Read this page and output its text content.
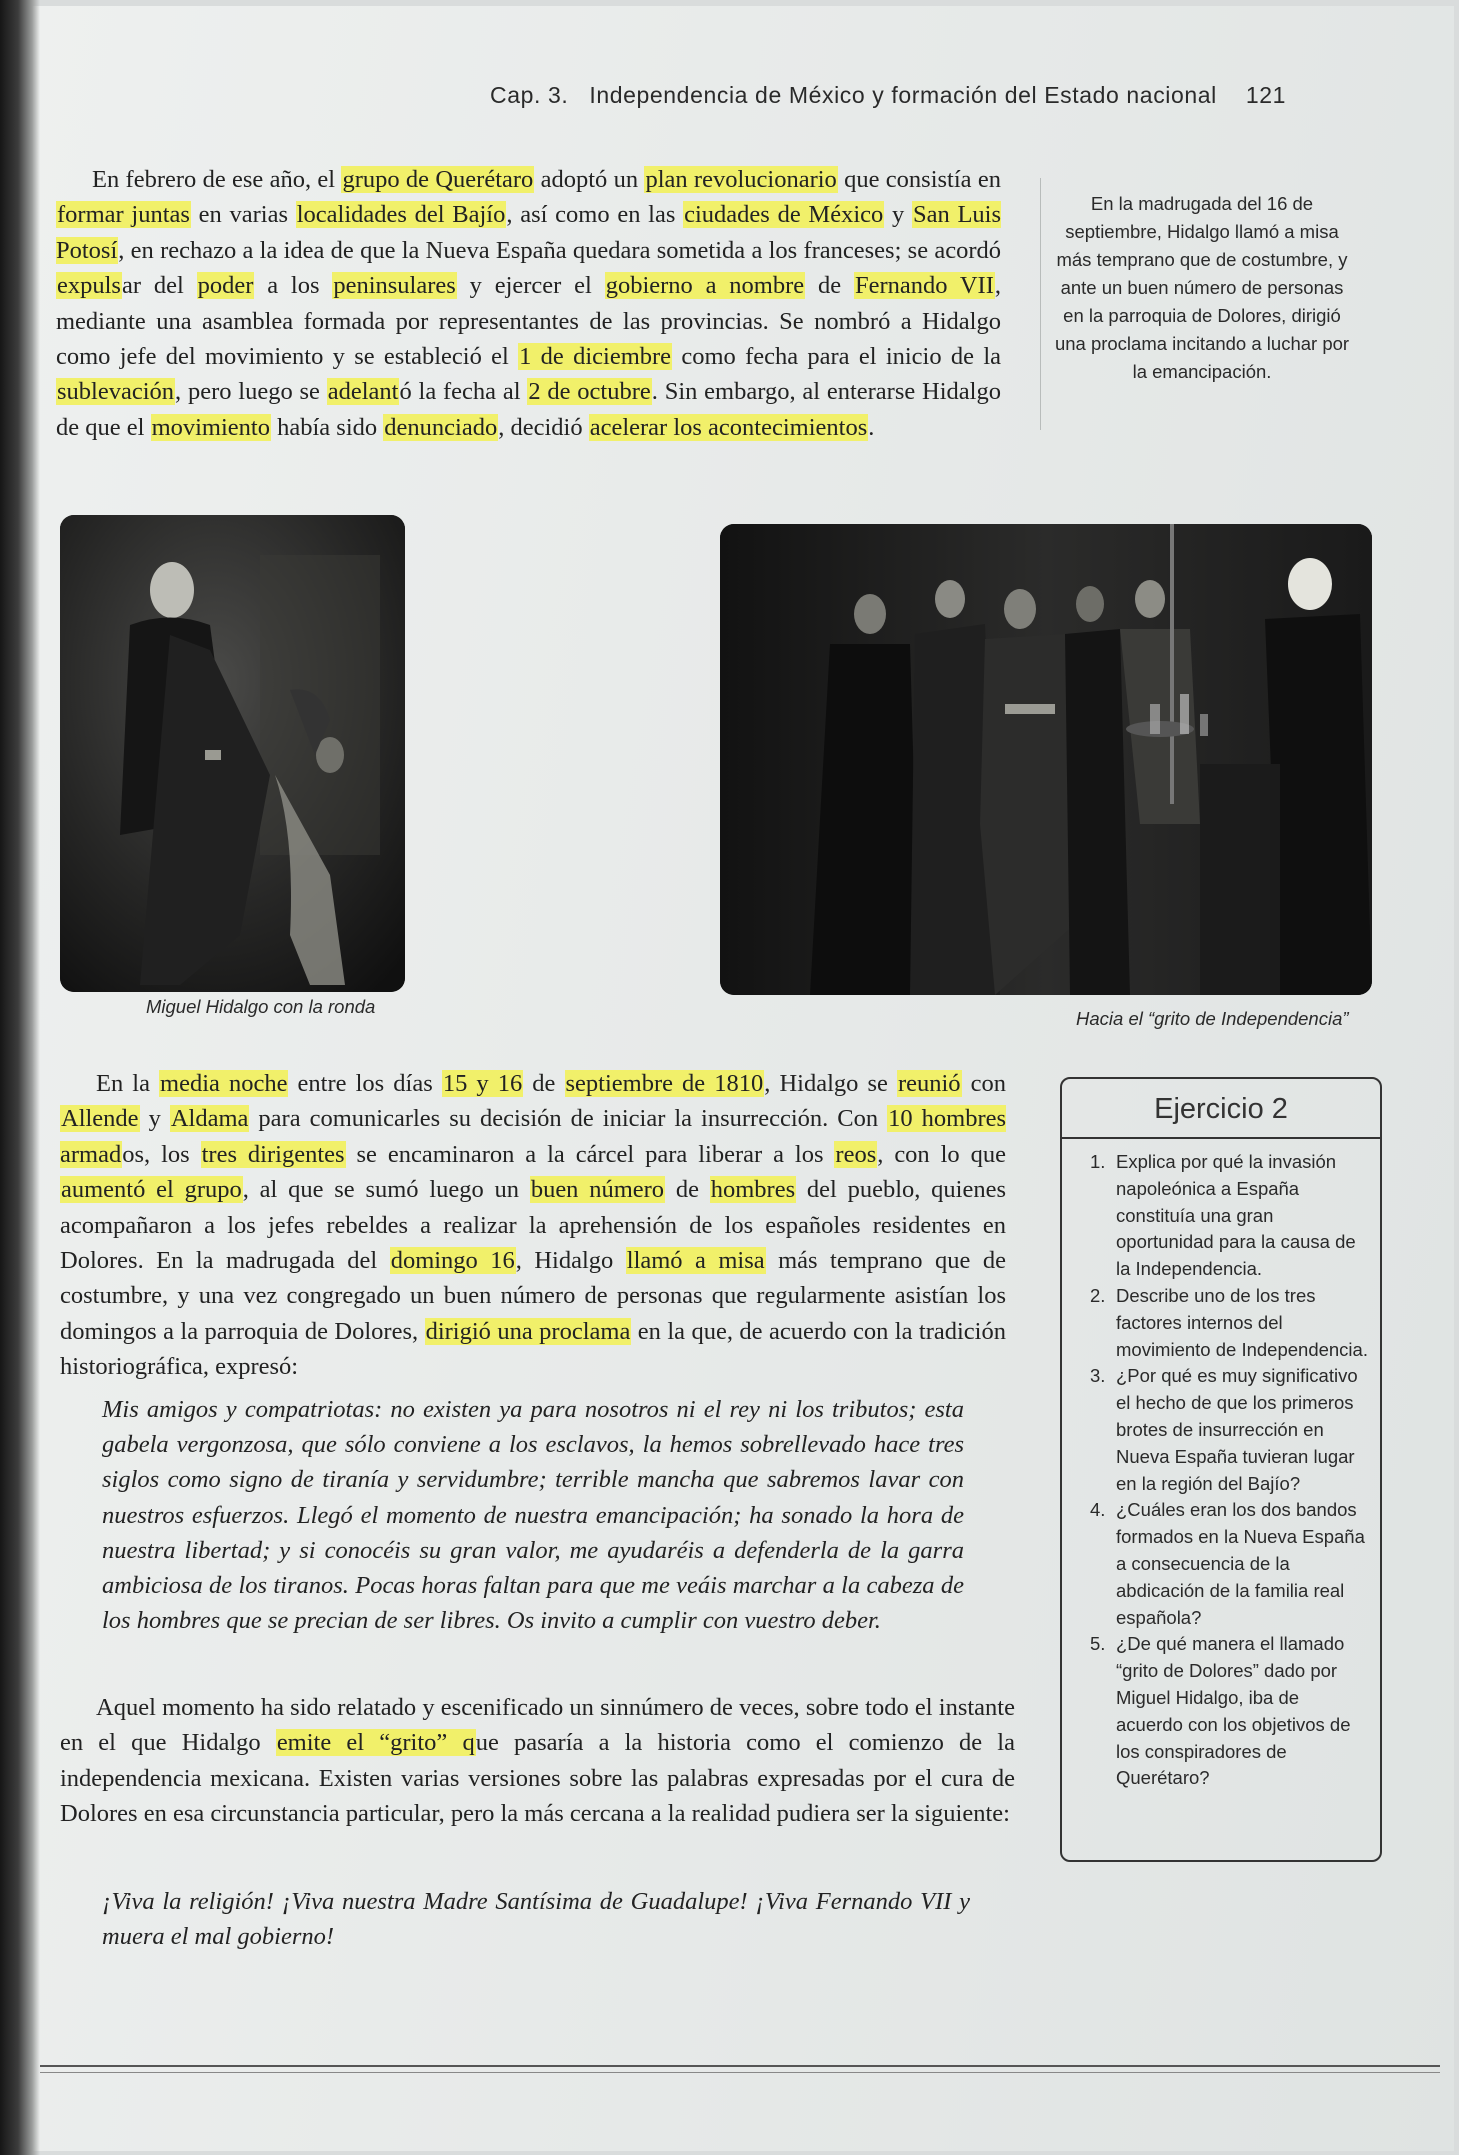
Cap. 3. Independencia de México y formación del Estado nacional 121

En febrero de ese año, el grupo de Querétaro adoptó un plan revolucionario que consistía en formar juntas en varias localidades del Bajío, así como en las ciudades de México y San Luis Potosí, en rechazo a la idea de que la Nueva España quedara sometida a los franceses; se acordó expulsar del poder a los peninsulares y ejercer el gobierno a nombre de Fernando VII, mediante una asamblea formada por representantes de las provincias. Se nombró a Hidalgo como jefe del movimiento y se estableció el 1 de diciembre como fecha para el inicio de la sublevación, pero luego se adelantó la fecha al 2 de octubre. Sin embargo, al enterarse Hidalgo de que el movimiento había sido denunciado, decidió acelerar los acontecimientos.

En la madrugada del 16 de septiembre, Hidalgo llamó a misa más temprano que de costumbre, y ante un buen número de personas en la parroquia de Dolores, dirigió una proclama incitando a luchar por la emancipación.
Miguel Hidalgo con la ronda
Hacia el “grito de Independencia”

En la media noche entre los días 15 y 16 de septiembre de 1810, Hidalgo se reunió con Allende y Aldama para comunicarles su decisión de iniciar la insurrección. Con 10 hombres armados, los tres dirigentes se encaminaron a la cárcel para liberar a los reos, con lo que aumentó el grupo, al que se sumó luego un buen número de hombres del pueblo, quienes acompañaron a los jefes rebeldes a realizar la aprehensión de los españoles residentes en Dolores. En la madrugada del domingo 16, Hidalgo llamó a misa más temprano que de costumbre, y una vez congregado un buen número de personas que regularmente asistían los domingos a la parroquia de Dolores, dirigió una proclama en la que, de acuerdo con la tradición historiográfica, expresó:

Mis amigos y compatriotas: no existen ya para nosotros ni el rey ni los tributos; esta gabela vergonzosa, que sólo conviene a los esclavos, la hemos sobrellevado hace tres siglos como signo de tiranía y servidumbre; terrible mancha que sabremos lavar con nuestros esfuerzos. Llegó el momento de nuestra emancipación; ha sonado la hora de nuestra libertad; y si conocéis su gran valor, me ayudaréis a defenderla de la garra ambiciosa de los tiranos. Pocas horas faltan para que me veáis marchar a la cabeza de los hombres que se precian de ser libres. Os invito a cumplir con vuestro deber.

Aquel momento ha sido relatado y escenificado un sinnúmero de veces, sobre todo el instante en el que Hidalgo emite el “grito” que pasaría a la historia como el comienzo de la independencia mexicana. Existen varias versiones sobre las palabras expresadas por el cura de Dolores en esa circunstancia particular, pero la más cercana a la realidad pudiera ser la siguiente:

¡Viva la religión! ¡Viva nuestra Madre Santísima de Guadalupe! ¡Viva Fernando VII y muera el mal gobierno!
Ejercicio 2
1. Explica por qué la invasión napoleónica a España constituía una gran oportunidad para la causa de la Independencia.
2. Describe uno de los tres factores internos del movimiento de Independencia.
3. ¿Por qué es muy significativo el hecho de que los primeros brotes de insurrección en Nueva España tuvieran lugar en la región del Bajío?
4. ¿Cuáles eran los dos bandos formados en la Nueva España a consecuencia de la abdicación de la familia real española?
5. ¿De qué manera el llamado “grito de Dolores” dado por Miguel Hidalgo, iba de acuerdo con los objetivos de los conspiradores de Querétaro?
